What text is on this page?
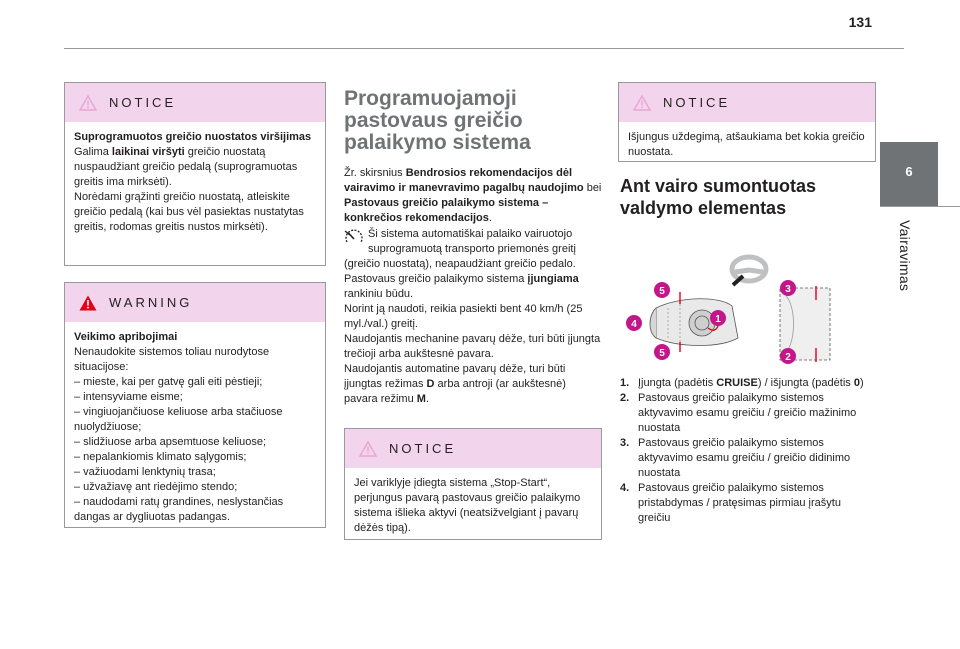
131
6
Vairavimas
NOTICE

Suprogramuotos greičio nuostatos viršijimas

Galima laikinai viršyti greičio nuostatą nuspaudžiant greičio pedalą (suprogramuotas greitis ima mirksėti).

Norėdami grąžinti greičio nuostatą, atleiskite greičio pedalą (kai bus vėl pasiektas nustatytas greitis, rodomas greitis nustos mirksėti).

WARNING

Veikimo apribojimai

Nenaudokite sistemos toliau nurodytose situacijose:

– mieste, kai per gatvę gali eiti pėstieji;

– intensyviame eisme;

– vingiuojančiuose keliuose arba stačiuose nuolydžiuose;

– slidžiuose arba apsemtuose keliuose;

– nepalankiomis klimato sąlygomis;

– važiuodami lenktynių trasa;

– užvažiavę ant riedėjimo stendo;

– naudodami ratų grandines, neslystančias dangas ar dygliuotas padangas.

Programuojamoji pastovaus greičio palaikymo sistema

Žr. skirsnius Bendrosios rekomendacijos dėl vairavimo ir manevravimo pagalbų naudojimo bei Pastovaus greičio palaikymo sistema – konkrečios rekomendacijos.

Ši sistema automatiškai palaiko vairuotojo suprogramuotą transporto priemonės greitį (greičio nuostatą), neapaudžiant greičio pedalo.

Pastovaus greičio palaikymo sistema įjungiama rankiniu būdu.

Norint ją naudoti, reikia pasiekti bent 40 km/h (25 myl./val.) greitį.

Naudojantis mechanine pavarų dėže, turi būti įjungta trečioji arba aukštesnė pavara.

Naudojantis automatine pavarų dėže, turi būti įjungtas režimas D arba antroji (ar aukštesnė) pavara režimu M.

NOTICE
Jei variklyje įdiegta sistema „Stop-Start“, perjungus pavarą pastovaus greičio palaikymo sistema išlieka aktyvi (neatsižvelgiant į pavarų dėžės tipą).
NOTICE
Išjungus uždegimą, atšaukiama bet kokia greičio nuostata.
Ant vairo sumontuotas valdymo elementas
1
2
3
4
5
5
1. Įjungta (padėtis CRUISE) / išjungta (padėtis 0)
2. Pastovaus greičio palaikymo sistemos aktyvavimo esamu greičiu / greičio mažinimo nuostata
3. Pastovaus greičio palaikymo sistemos aktyvavimo esamu greičiu / greičio didinimo nuostata
4. Pastovaus greičio palaikymo sistemos pristabdymas / pratęsimas pirmiau įrašytu greičiu
